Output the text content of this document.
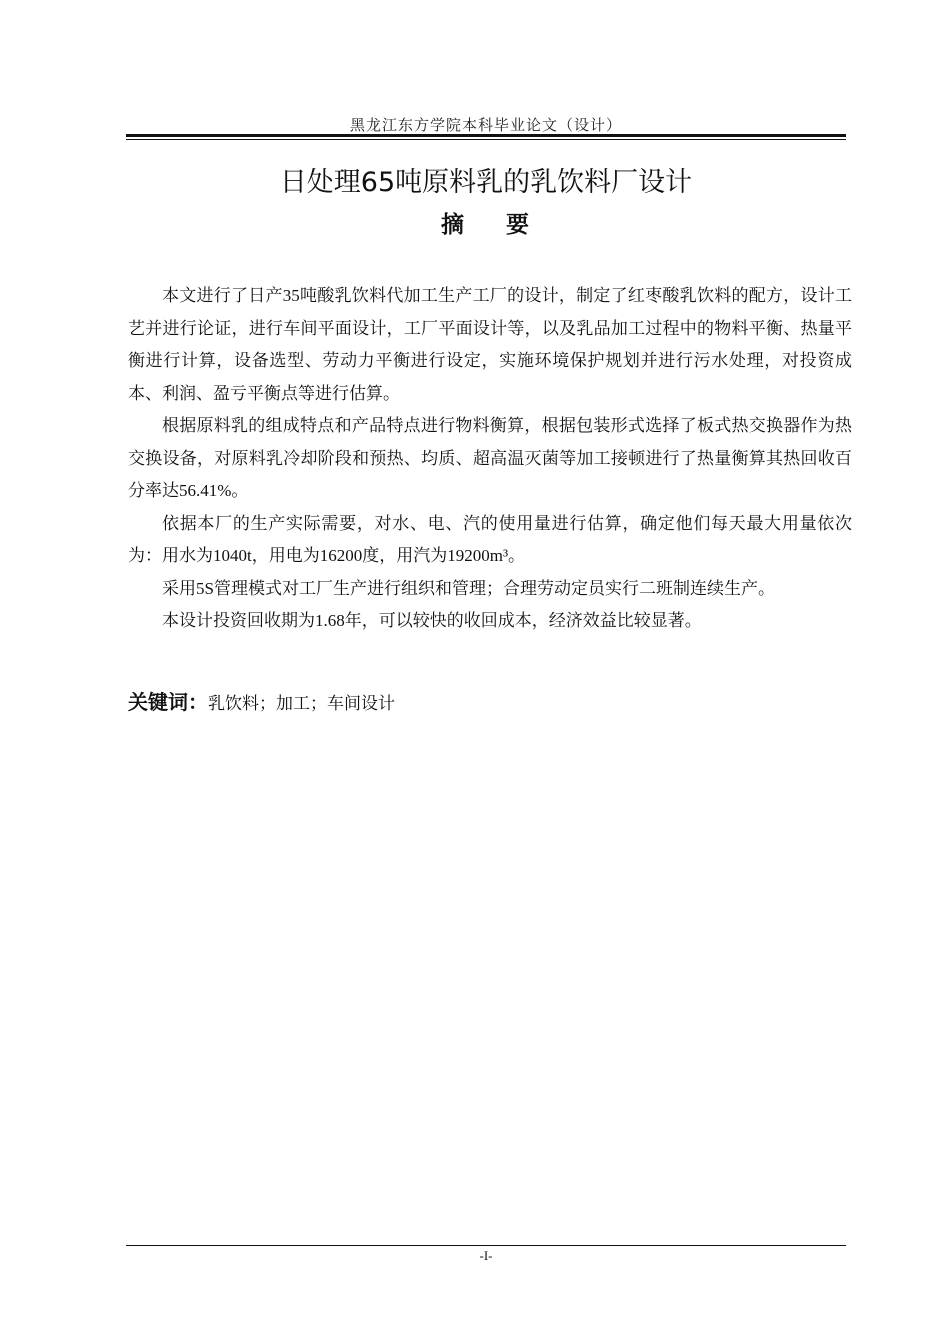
黑龙江东方学院本科毕业论文（设计）
日处理65吨原料乳的乳饮料厂设计
摘    要

本文进行了日产35吨酸乳饮料代加工生产工厂的设计，制定了红枣酸乳饮料的配方，设计工艺并进行论证，进行车间平面设计，工厂平面设计等，以及乳品加工过程中的物料平衡、热量平衡进行计算，设备选型、劳动力平衡进行设定，实施环境保护规划并进行污水处理，对投资成本、利润、盈亏平衡点等进行估算。

根据原料乳的组成特点和产品特点进行物料衡算，根据包装形式选择了板式热交换器作为热交换设备，对原料乳冷却阶段和预热、均质、超高温灭菌等加工接顿进行了热量衡算其热回收百分率达56.41%。

依据本厂的生产实际需要，对水、电、汽的使用量进行估算，确定他们每天最大用量依次为：用水为1040t，用电为16200度，用汽为19200m³。

采用5S管理模式对工厂生产进行组织和管理；合理劳动定员实行二班制连续生产。

本设计投资回收期为1.68年，可以较快的收回成本，经济效益比较显著。

关键词：乳饮料；加工；车间设计
-I-
